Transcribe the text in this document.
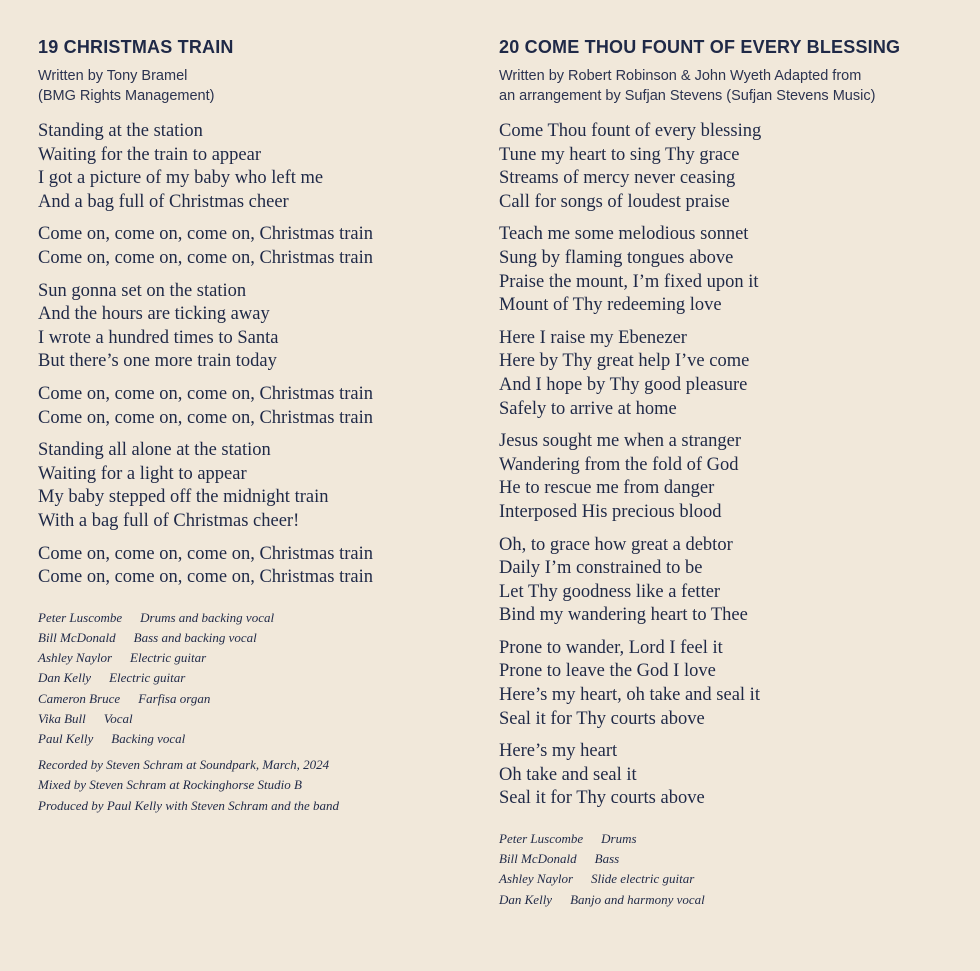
19 CHRISTMAS TRAIN
Written by Tony Bramel
(BMG Rights Management)
Standing at the station
Waiting for the train to appear
I got a picture of my baby who left me
And a bag full of Christmas cheer
Come on, come on, come on, Christmas train
Come on, come on, come on, Christmas train
Sun gonna set on the station
And the hours are ticking away
I wrote a hundred times to Santa
But there’s one more train today
Come on, come on, come on, Christmas train
Come on, come on, come on, Christmas train
Standing all alone at the station
Waiting for a light to appear
My baby stepped off the midnight train
With a bag full of Christmas cheer!
Come on, come on, come on, Christmas train
Come on, come on, come on, Christmas train
Peter Luscombe Drums and backing vocal
Bill McDonald Bass and backing vocal
Ashley Naylor Electric guitar
Dan Kelly Electric guitar
Cameron Bruce Farfisa organ
Vika Bull Vocal
Paul Kelly Backing vocal
Recorded by Steven Schram at Soundpark, March, 2024
Mixed by Steven Schram at Rockinghorse Studio B
Produced by Paul Kelly with Steven Schram and the band
20 COME THOU FOUNT OF EVERY BLESSING
Written by Robert Robinson & John Wyeth Adapted from
an arrangement by Sufjan Stevens (Sufjan Stevens Music)
Come Thou fount of every blessing
Tune my heart to sing Thy grace
Streams of mercy never ceasing
Call for songs of loudest praise
Teach me some melodious sonnet
Sung by flaming tongues above
Praise the mount, I’m fixed upon it
Mount of Thy redeeming love
Here I raise my Ebenezer
Here by Thy great help I’ve come
And I hope by Thy good pleasure
Safely to arrive at home
Jesus sought me when a stranger
Wandering from the fold of God
He to rescue me from danger
Interposed His precious blood
Oh, to grace how great a debtor
Daily I’m constrained to be
Let Thy goodness like a fetter
Bind my wandering heart to Thee
Prone to wander, Lord I feel it
Prone to leave the God I love
Here’s my heart, oh take and seal it
Seal it for Thy courts above
Here’s my heart
Oh take and seal it
Seal it for Thy courts above
Peter Luscombe Drums
Bill McDonald Bass
Ashley Naylor Slide electric guitar
Dan Kelly Banjo and harmony vocal
